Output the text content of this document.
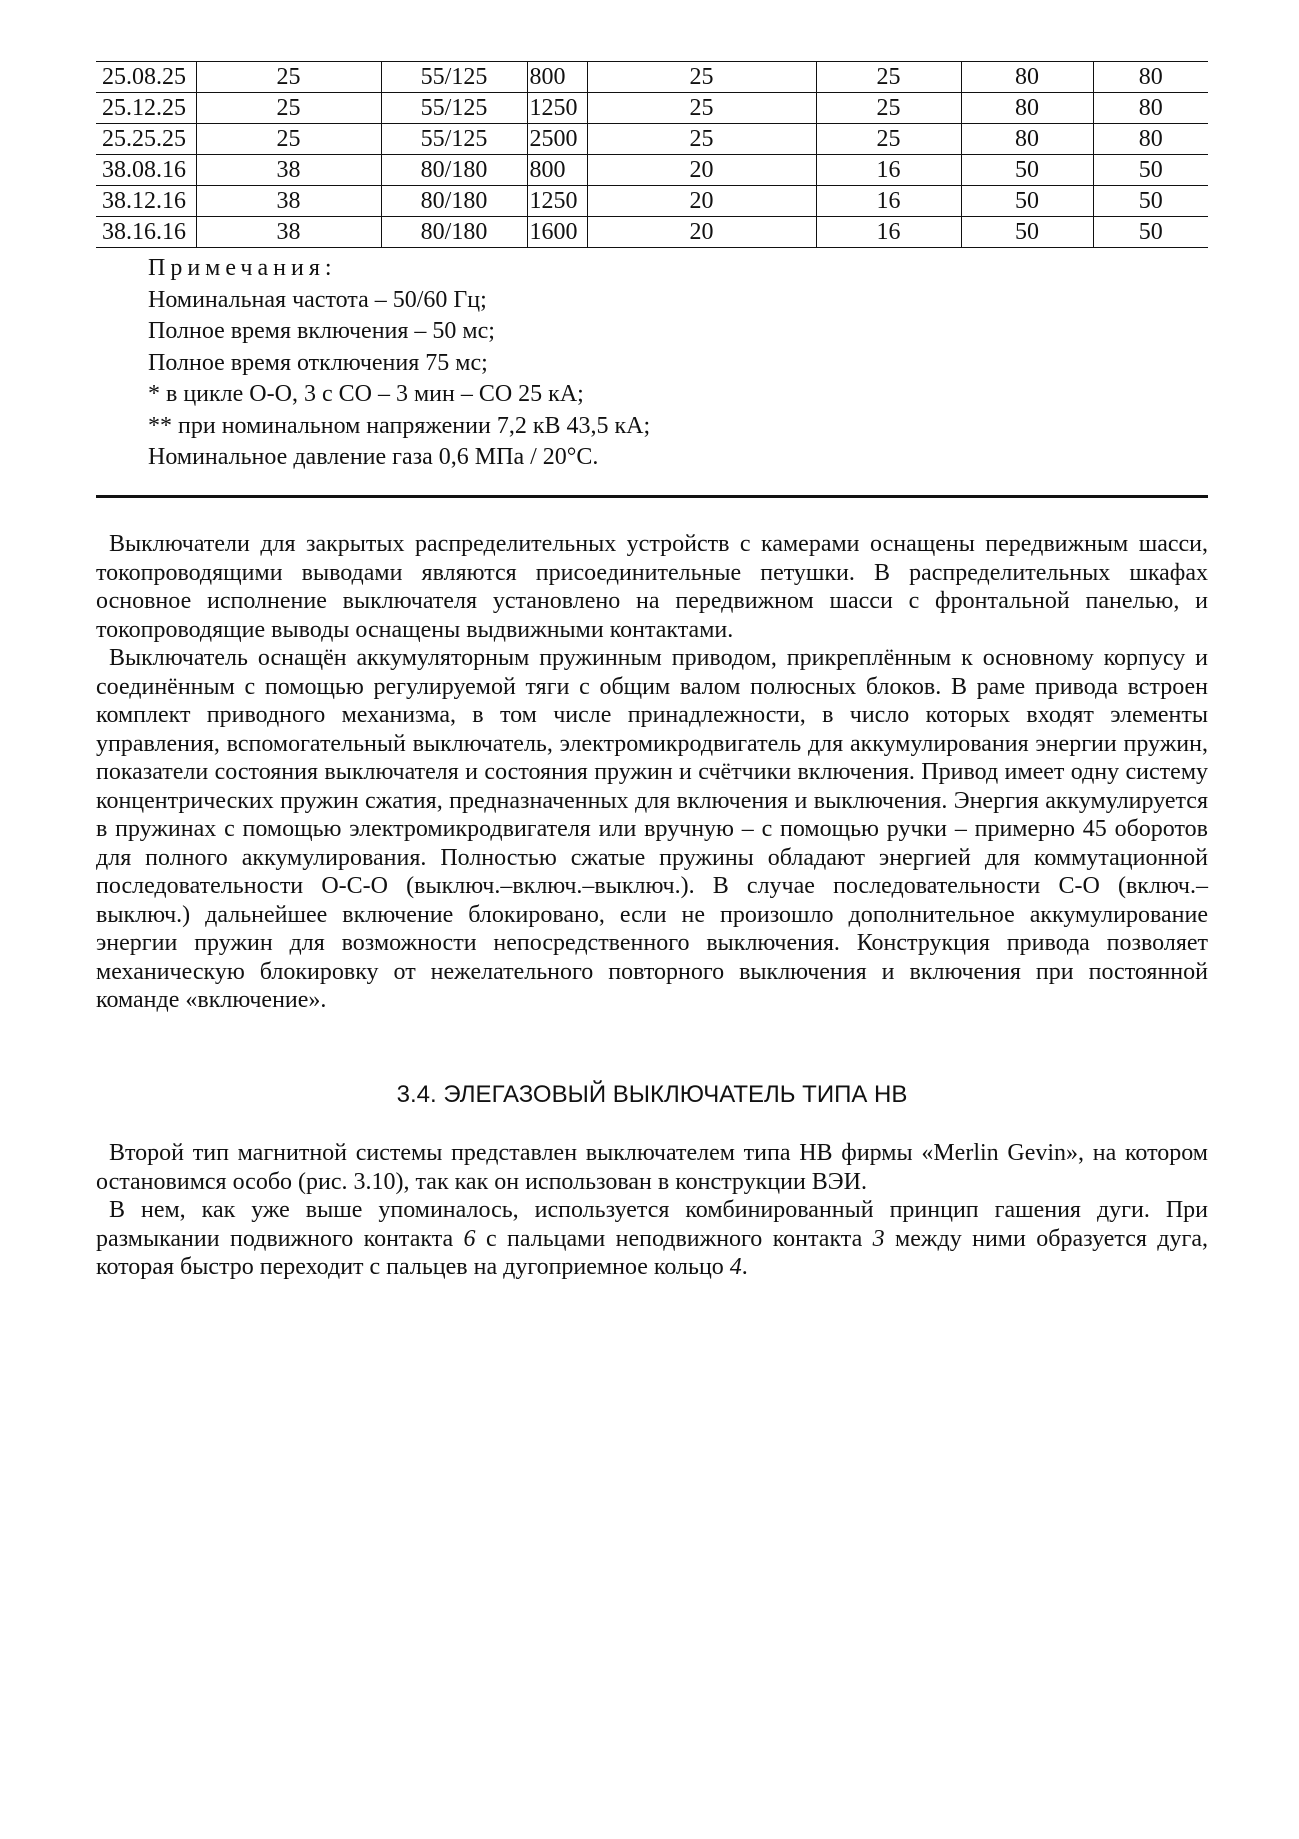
25.08.25	25	55/125	800	25	25	80	80
25.12.25	25	55/125	1250	25	25	80	80
25.25.25	25	55/125	2500	25	25	80	80
38.08.16	38	80/180	800	20	16	50	50
38.12.16	38	80/180	1250	20	16	50	50
38.16.16	38	80/180	1600	20	16	50	50
Примечания:
Номинальная частота – 50/60 Гц;
Полное время включения – 50 мс;
Полное время отключения 75 мс;
* в цикле О-О, 3 с СО – 3 мин – СО 25 кА;
** при номинальном напряжении 7,2 кВ 43,5 кА;
Номинальное давление газа 0,6 МПа / 20°С.

Выключатели для закрытых распределительных устройств с камерами оснащены передвижным шасси, токопроводящими выводами являются присоединительные петушки. В распределительных шкафах основное исполнение выключателя установлено на передвижном шасси с фронтальной панелью, и токопроводящие выводы оснащены выдвижными контактами.

Выключатель оснащён аккумуляторным пружинным приводом, прикреплённым к основному корпусу и соединённым с помощью регулируемой тяги с общим валом полюсных блоков. В раме привода встроен комплект приводного механизма, в том числе принадлежности, в число которых входят элементы управления, вспомогательный выключатель, электромикродвигатель для аккумулирования энергии пружин, показатели состояния выключателя и состояния пружин и счётчики включения. Привод имеет одну систему концентрических пружин сжатия, предназначенных для включения и выключения. Энергия аккумулируется в пружинах с помощью электромикродвигателя или вручную – с помощью ручки – примерно 45 оборотов для полного аккумулирования. Полностью сжатые пружины обладают энергией для коммутационной последовательности О-С-О (выключ.–включ.–выключ.). В случае последовательности С-О (включ.–выключ.) дальнейшее включение блокировано, если не произошло дополнительное аккумулирование энергии пружин для возможности непосредственного выключения. Конструкция привода позволяет механическую блокировку от нежелательного повторного выключения и включения при постоянной команде «включение».

3.4. ЭЛЕГАЗОВЫЙ ВЫКЛЮЧАТЕЛЬ ТИПА НВ

Второй тип магнитной системы представлен выключателем типа НВ фирмы «Merlin Gevin», на котором остановимся особо (рис. 3.10), так как он использован в конструкции ВЭИ.

В нем, как уже выше упоминалось, используется комбинированный принцип гашения дуги. При размыкании подвижного контакта 6 с пальцами неподвижного контакта 3 между ними образуется дуга, которая быстро переходит с пальцев на дугоприемное кольцо 4.
